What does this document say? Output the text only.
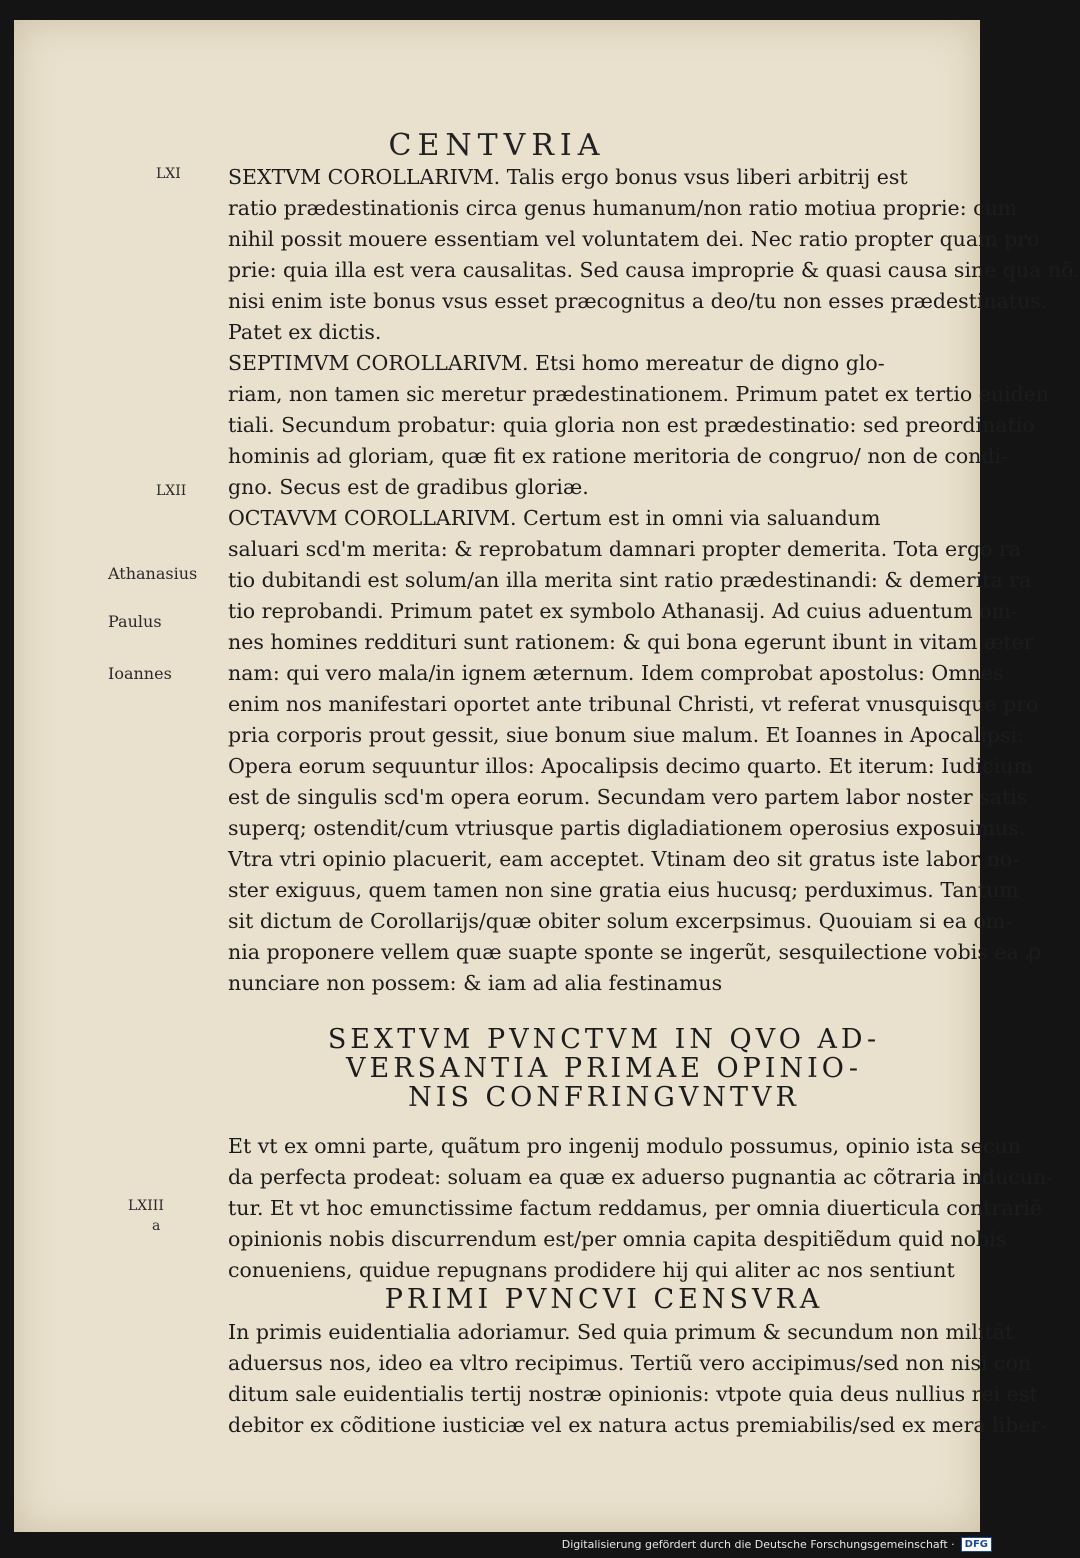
CENTVRIA
LXI
LXII
Athanasius
Paulus
Ioannes
LXIII
a
SEXTVM COROLLARIVM. Talis ergo bonus vsus liberi arbitrij est
ratio prædestinationis circa genus humanum/non ratio motiua proprie: cum
nihil possit mouere essentiam vel voluntatem dei. Nec ratio propter quam pro
prie: quia illa est vera causalitas. Sed causa improprie & quasi causa sine qua nõ.
nisi enim iste bonus vsus esset præcognitus a deo/tu non esses prædestinatus.
Patet ex dictis.
SEPTIMVM COROLLARIVM. Etsi homo mereatur de digno glo-
riam, non tamen sic meretur prædestinationem. Primum patet ex tertio euiden
tiali. Secundum probatur: quia gloria non est prædestinatio: sed preordinatio
hominis ad gloriam, quæ fit ex ratione meritoria de congruo/ non de condi-
gno. Secus est de gradibus gloriæ.
OCTAVVM COROLLARIVM. Certum est in omni via saluandum
saluari scd'm merita: & reprobatum damnari propter demerita. Tota ergo ra
tio dubitandi est solum/an illa merita sint ratio prædestinandi: & demerita ra
tio reprobandi. Primum patet ex symbolo Athanasij. Ad cuius aduentum om-
nes homines reddituri sunt rationem: & qui bona egerunt ibunt in vitam æter
nam: qui vero mala/in ignem æternum. Idem comprobat apostolus: Omnes
enim nos manifestari oportet ante tribunal Christi, vt referat vnusquisque pro
pria corporis prout gessit, siue bonum siue malum. Et Ioannes in Apocalipsi:
Opera eorum sequuntur illos: Apocalipsis decimo quarto. Et iterum: Iudicium
est de singulis scd'm opera eorum. Secundam vero partem labor noster satis
superq; ostendit/cum vtriusque partis digladiationem operosius exposuimus.
Vtra vtri opinio placuerit, eam acceptet. Vtinam deo sit gratus iste labor no-
ster exiguus, quem tamen non sine gratia eius hucusq; perduximus. Tantum
sit dictum de Corollarijs/quæ obiter solum excerpsimus. Quouiam si ea om-
nia proponere vellem quæ suapte sponte se ingerũt, sesquilectione vobis ea ꝓ
nunciare non possem: & iam ad alia festinamus
SEXTVM PVNCTVM IN QVO AD-
VERSANTIA PRIMAE OPINIO-
NIS CONFRINGVNTVR
Et vt ex omni parte, quãtum pro ingenij modulo possumus, opinio ista secun
da perfecta prodeat: soluam ea quæ ex aduerso pugnantia ac cõtraria inducun-
tur. Et vt hoc emunctissime factum reddamus, per omnia diuerticula contrariẽ
opinionis nobis discurrendum est/per omnia capita despitiẽdum quid nobis
conueniens, quidue repugnans prodidere hij qui aliter ac nos sentiunt
PRIMI PVNCVI CENSVRA
In primis euidentialia adoriamur. Sed quia primum & secundum non militãt
aduersus nos, ideo ea vltro recipimus. Tertiũ vero accipimus/sed non nisi con
ditum sale euidentialis tertij nostræ opinionis: vtpote quia deus nullius rei est
debitor ex cõditione iusticiæ vel ex natura actus premiabilis/sed ex mera liber-
Digitalisierung gefördert durch die Deutsche Forschungsgemeinschaft ·	DFG
